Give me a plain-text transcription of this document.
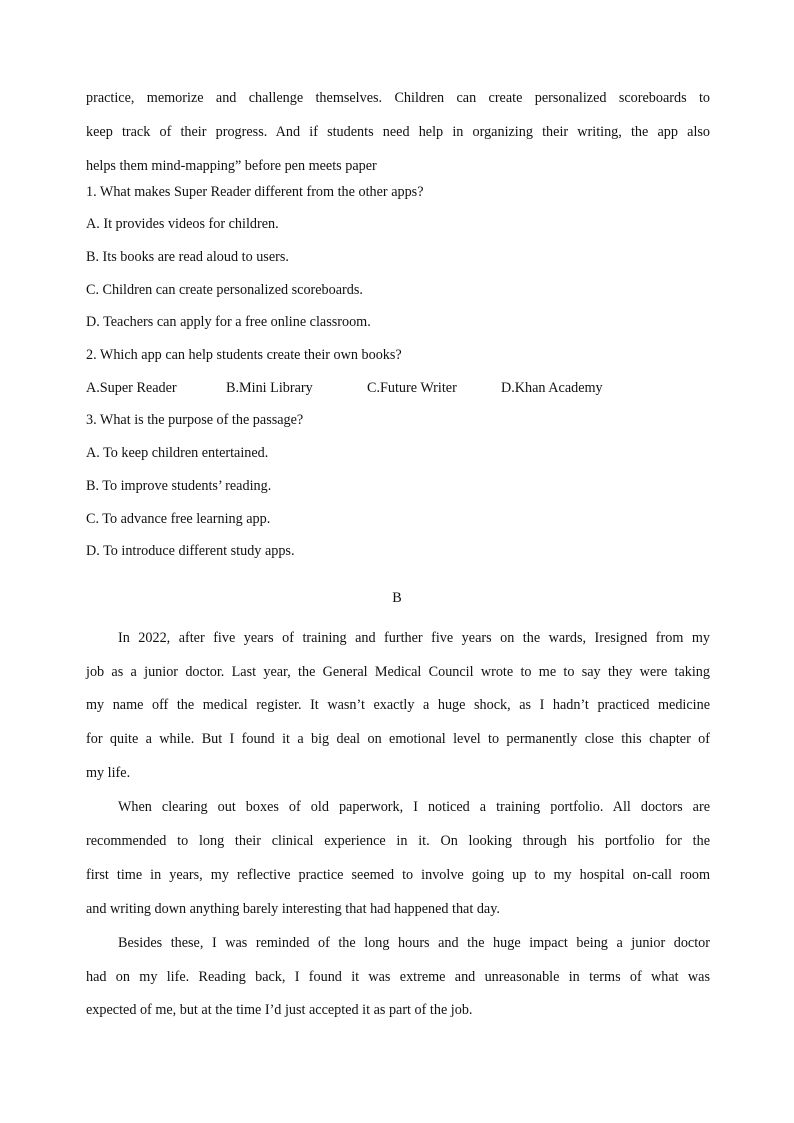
practice, memorize and challenge themselves. Children can create personalized scoreboards to
keep track of their progress. And if students need help in organizing their writing, the app also
helps them mind-mapping” before pen meets paper
1. What makes Super Reader different from the other apps?
A. It provides videos for children.
B. Its books are read aloud to users.
C. Children can create personalized scoreboards.
D. Teachers can apply for a free online classroom.
2. Which app can help students create their own books?
A.Super Reader	B.Mini Library	C.Future Writer	D.Khan Academy
3. What is the purpose of the passage?
A. To keep children entertained.
B. To improve students’ reading.
C. To advance free learning app.
D. To introduce different study apps.
B
In 2022, after five years of training and further five years on the wards, Iresigned from my
job as a junior doctor. Last year, the General Medical Council wrote to me to say they were taking
my name off the medical register. It wasn’t exactly a huge shock, as I hadn’t practiced medicine
for quite a while. But I found it a big deal on emotional level to permanently close this chapter of
my life.
When clearing out boxes of old paperwork, I noticed a training portfolio. All doctors are
recommended to long their clinical experience in it. On looking through his portfolio for the
first time in years, my reflective practice seemed to involve going up to my hospital on-call room
and writing down anything barely interesting that had happened that day.
Besides these, I was reminded of the long hours and the huge impact being a junior doctor
had on my life. Reading back, I found it was extreme and unreasonable in terms of what was
expected of me, but at the time I’d just accepted it as part of the job.
